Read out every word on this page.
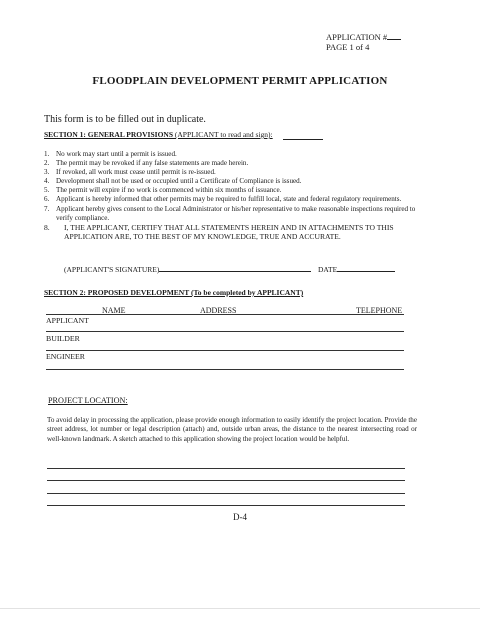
APPLICATION #
PAGE 1 of 4
FLOODPLAIN DEVELOPMENT PERMIT APPLICATION
This form is to be filled out in duplicate.
SECTION 1: GENERAL PROVISIONS (APPLICANT to read and sign):
1. No work may start until a permit is issued.
2. The permit may be revoked if any false statements are made herein.
3. If revoked, all work must cease until permit is re-issued.
4. Development shall not be used or occupied until a Certificate of Compliance is issued.
5. The permit will expire if no work is commenced within six months of issuance.
6. Applicant is hereby informed that other permits may be required to fulfill local, state and federal regulatory requirements.
7. Applicant hereby gives consent to the Local Administrator or his/her representative to make reasonable inspections required to verify compliance.
8. I, THE APPLICANT, CERTIFY THAT ALL STATEMENTS HEREIN AND IN ATTACHMENTS TO THIS APPLICATION ARE, TO THE BEST OF MY KNOWLEDGE, TRUE AND ACCURATE.
(APPLICANT'S SIGNATURE)	DATE
SECTION 2: PROPOSED DEVELOPMENT (To be completed by APPLICANT)
NAME	ADDRESS	TELEPHONE
APPLICANT
BUILDER
ENGINEER
PROJECT LOCATION:
To avoid delay in processing the application, please provide enough information to easily identify the project location. Provide the street address, lot number or legal description (attach) and, outside urban areas, the distance to the nearest intersecting road or well-known landmark. A sketch attached to this application showing the project location would be helpful.
D-4
